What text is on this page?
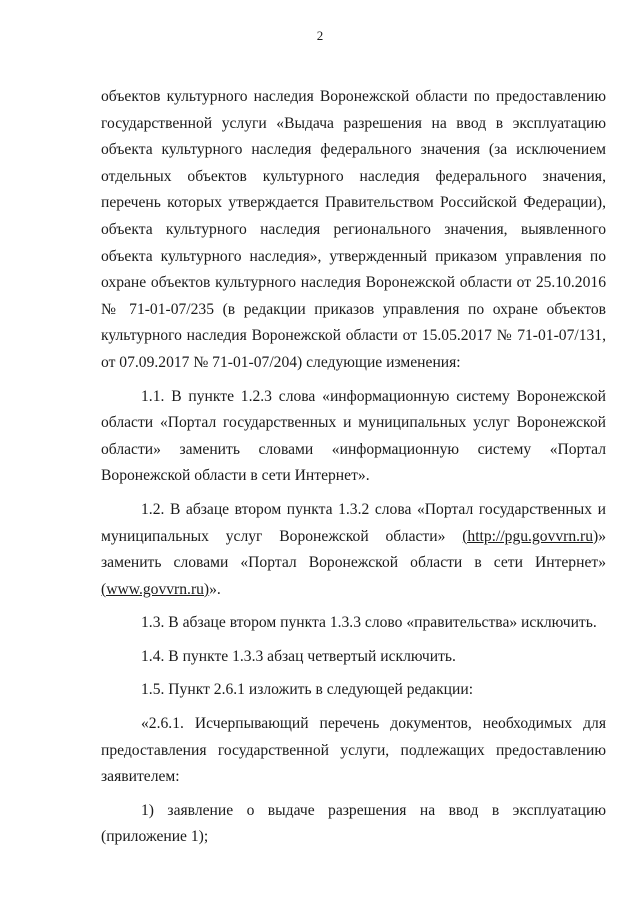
2

объектов культурного наследия Воронежской области по предоставлению государственной услуги «Выдача разрешения на ввод в эксплуатацию объекта культурного наследия федерального значения (за исключением отдельных объектов культурного наследия федерального значения, перечень которых утверждается Правительством Российской Федерации), объекта культурного наследия регионального значения, выявленного объекта культурного наследия», утвержденный приказом управления по охране объектов культурного наследия Воронежской области от 25.10.2016 № 71-01-07/235 (в редакции приказов управления по охране объектов культурного наследия Воронежской области от 15.05.2017 № 71-01-07/131, от 07.09.2017 № 71-01-07/204) следующие изменения:

1.1. В пункте 1.2.3 слова «информационную систему Воронежской области «Портал государственных и муниципальных услуг Воронежской области» заменить словами «информационную систему «Портал Воронежской области в сети Интернет».

1.2. В абзаце втором пункта 1.3.2 слова «Портал государственных и муниципальных услуг Воронежской области» (http://pgu.govvrn.ru)» заменить словами «Портал Воронежской области в сети Интернет» (www.govvrn.ru)».

1.3. В абзаце втором пункта 1.3.3 слово «правительства» исключить.

1.4. В пункте 1.3.3 абзац четвертый исключить.

1.5. Пункт 2.6.1 изложить в следующей редакции:

«2.6.1. Исчерпывающий перечень документов, необходимых для предоставления государственной услуги, подлежащих предоставлению заявителем:

1) заявление о выдаче разрешения на ввод в эксплуатацию (приложение 1);
